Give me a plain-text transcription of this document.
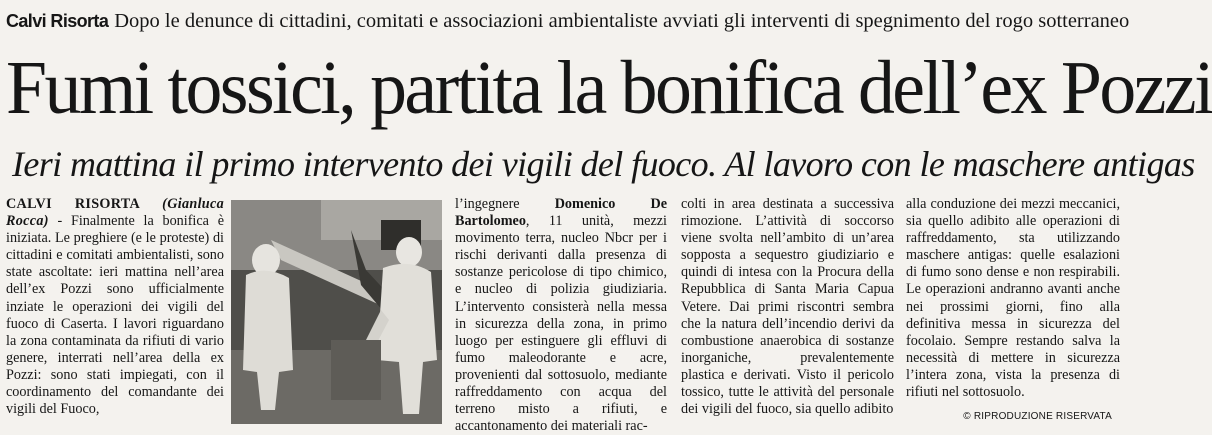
Calvi Risorta Dopo le denunce di cittadini, comitati e associazioni ambientaliste avviati gli interventi di spegnimento del rogo sotterraneo
Fumi tossici, partita la bonifica dell’ex Pozzi
Ieri mattina il primo intervento dei vigili del fuoco. Al lavoro con le maschere antigas

CALVI RISORTA (Gianluca Rocca) - Finalmente la bonifica è iniziata. Le preghiere (e le proteste) di cittadini e comitati ambientalisti, sono state ascoltate: ieri mattina nell’area dell’ex Pozzi sono ufficialmente inziate le operazioni dei vigili del fuoco di Caserta. I lavori riguardano la zona contaminata da rifiuti di vario genere, interrati nell’area della ex Pozzi: sono stati impiegati, con il coordinamento del comandante dei vigili del Fuoco,

l’ingegnere Domenico De Bartolomeo, 11 unità, mezzi movimento terra, nucleo Nbcr per i rischi derivanti dalla presenza di sostanze pericolose di tipo chimico, e nucleo di polizia giudiziaria. L’intervento consisterà nella messa in sicurezza della zona, in primo luogo per estinguere gli effluvi di fumo maleodorante e acre, provenienti dal sottosuolo, mediante raffreddamento con acqua del terreno misto a rifiuti, e accantonamento dei materiali rac-

colti in area destinata a successiva rimozione. L’attività di soccorso viene svolta nell’ambito di un’area sopposta a sequestro giudiziario e quindi di intesa con la Procura della Repubblica di Santa Maria Capua Vetere. Dai primi riscontri sembra che la natura dell’incendio derivi da combustione anaerobica di sostanze inorganiche, prevalentemente plastica e derivati. Visto il pericolo tossico, tutte le attività del personale dei vigili del fuoco, sia quello adibito

alla conduzione dei mezzi meccanici, sia quello adibito alle operazioni di raffreddamento, sta utilizzando maschere antigas: quelle esalazioni di fumo sono dense e non respirabili. Le operazioni andranno avanti anche nei prossimi giorni, fino alla definitiva messa in sicurezza del focolaio. Sempre restando salva la necessità di mettere in sicurezza l’intera zona, vista la presenza di rifiuti nel sottosuolo.

© RIPRODUZIONE RISERVATA
